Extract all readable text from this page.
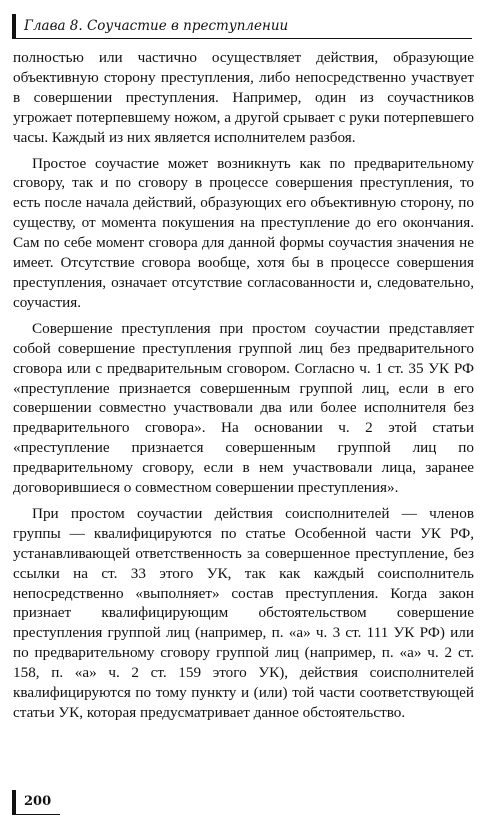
Глава 8. Соучастие в преступлении

полностью или частично осуществляет действия, образующие объективную сторону преступления, либо непосредственно участвует в совершении преступления. Например, один из соучастников угрожает потерпевшему ножом, а другой срывает с руки потерпевшего часы. Каждый из них является исполнителем разбоя.

Простое соучастие может возникнуть как по предварительному сговору, так и по сговору в процессе совершения преступления, то есть после начала действий, образующих его объективную сторону, по существу, от момента покушения на преступление до его окончания. Сам по себе момент сговора для данной формы соучастия значения не имеет. Отсутствие сговора вообще, хотя бы в процессе совершения преступления, означает отсутствие согласованности и, следовательно, соучастия.

Совершение преступления при простом соучастии представляет собой совершение преступления группой лиц без предварительного сговора или с предварительным сговором. Согласно ч. 1 ст. 35 УК РФ «преступление признается совершенным группой лиц, если в его совершении совместно участвовали два или более исполнителя без предварительного сговора». На основании ч. 2 этой статьи «преступление признается совершенным группой лиц по предварительному сговору, если в нем участвовали лица, заранее договорившиеся о совместном совершении преступления».

При простом соучастии действия соисполнителей — членов группы — квалифицируются по статье Особенной части УК РФ, устанавливающей ответственность за совершенное преступление, без ссылки на ст. 33 этого УК, так как каждый соисполнитель непосредственно «выполняет» состав преступления. Когда закон признает квалифицирующим обстоятельством совершение преступления группой лиц (например, п. «а» ч. 3 ст. 111 УК РФ) или по предварительному сговору группой лиц (например, п. «а» ч. 2 ст. 158, п. «а» ч. 2 ст. 159 этого УК), действия соисполнителей квалифицируются по тому пункту и (или) той части соответствующей статьи УК, которая предусматривает данное обстоятельство.

200
